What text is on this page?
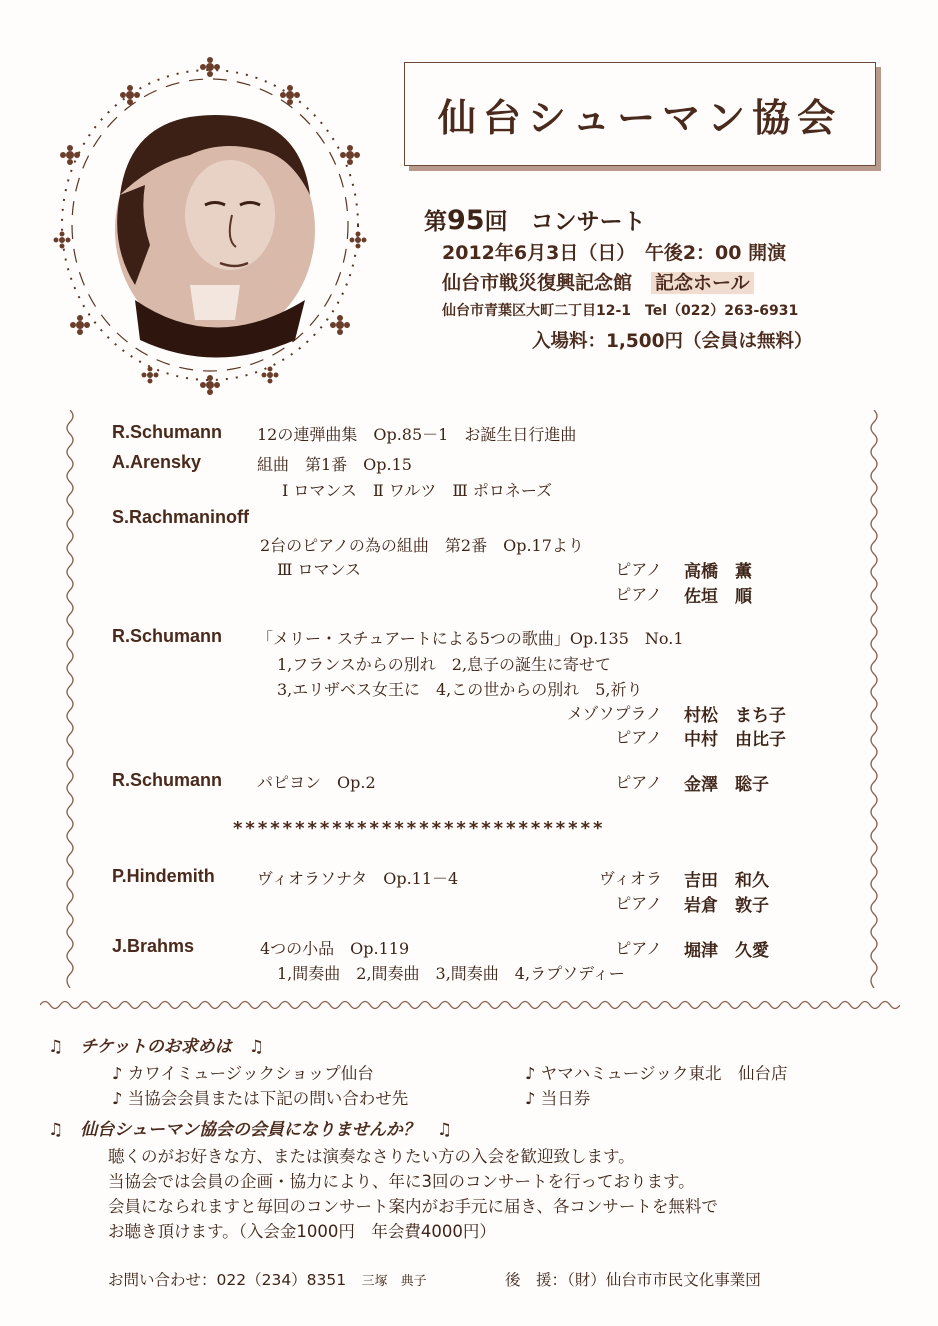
仙台シューマン協会
第95回　コンサート
2012年6月3日（日）　午後2：00 開演
仙台市戦災復興記念館　 記念ホール
仙台市青葉区大町二丁目12-1　Tel（022）263-6931
入場料：1,500円（会員は無料）
R.Schumann 12の連弾曲集　Op.85－1　お誕生日行進曲
A.Arensky	組曲　第1番　Op.15
Ⅰ ロマンス　Ⅱ ワルツ　Ⅲ ポロネーズ
S.Rachmaninoff
2台のピアノの為の組曲　第2番　Op.17より
Ⅲ ロマンス	ピアノ 高橋　薫
ピアノ 佐垣　順
R.Schumann 「メリー・スチュアートによる5つの歌曲」Op.135　No.1
1,フランスからの別れ　2,息子の誕生に寄せて
3,エリザベス女王に　4,この世からの別れ　5,祈り
メゾソプラノ 村松　まち子
ピアノ 中村　由比子
R.Schumann パピヨン　Op.2	ピアノ 金澤　聡子
******************************
P.Hindemith	ヴィオラソナタ　Op.11－4	ヴィオラ 吉田　和久
ピアノ 岩倉　敦子
J.Brahms	4つの小品　Op.119	ピアノ 堀津　久愛
1,間奏曲　2,間奏曲　3,間奏曲　4,ラプソディー
♫　 チケットのお求めは　 ♫
♪ カワイミュージックショップ仙台	♪ ヤマハミュージック東北　仙台店
♪ 当協会会員または下記の問い合わせ先	♪ 当日券
♫　 仙台シューマン協会の会員になりませんか？　 ♫
聴くのがお好きな方、または演奏なさりたい方の入会を歓迎致します。
当協会では会員の企画・協力により、年に3回のコンサートを行っております。
会員になられますと毎回のコンサート案内がお手元に届き、各コンサートを無料で
お聴き頂けます。（入会金1000円　年会費4000円）
お問い合わせ：022（234）8351　 三塚　典子	後　援：（財）仙台市市民文化事業団
